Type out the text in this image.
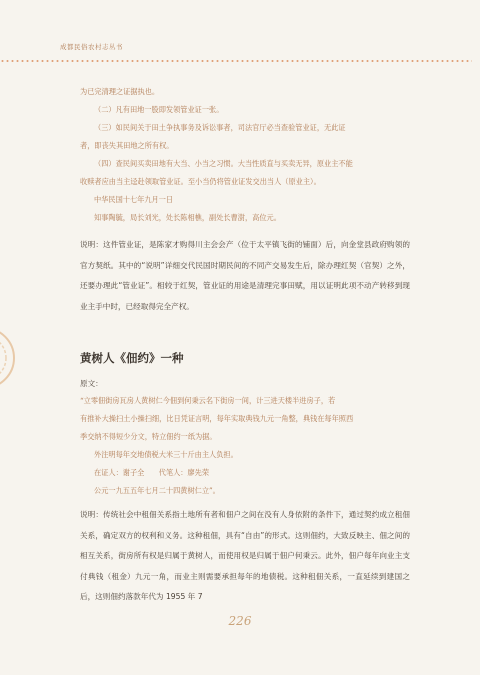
成都民俗农村志丛书
为已完清理之证据执也。
（二）凡有田地一股即发领管业证一张。
（三）如民间关于田土争执事务及诉讼事者，司法官厅必当查验管业证，无此证
者，即丧失其田地之所有权。
（四）查民间买卖田地有大当、小当之习惯。大当性质直与买卖无异，原业主不能
收赎者应由当主迳赴领取管业证。至小当仍将管业证发交出当人（原业主）。
中华民国十七年九月一日
知事陶毓，局长刘光，处长陈相樵，副处长曹澍，高位元。
说明：这件管业证，是陈家才购得川主会会产（位于太平镇飞街的铺面）后，向金堂县政府购领的官方契纸。其中的“说明”详细交代民国时期民间的不同产交易发生后，除办理红契（官契）之外，还要办理此“管业证”。相较于红契，管业证的用途是清理完事田赋，用以证明此项不动产转移到现业主手中时，已经取得完全产权。
黄树人《佃约》一种
原文：
“立零佃街房瓦房人黄树仁今佃到何秉云名下街房一间，计三进天楼半进房子，若
有推补大操扫土小操扫细，比日凭证言明，每年实取典钱九元一角整，典钱在每年照西
季交纳不得短少分文，特立佃约一纸为据。
外注明每年交地债税大米三十斤由主人负担。
在证人：谢子全　　代笔人：廖先荣
公元一九五五年七月二十四黄树仁立”。
说明：传统社会中租佃关系指土地所有者和佃户之间在没有人身依附的条件下，通过契约成立租佃关系，确定双方的权利和义务。这种租佃，具有“自由”的形式。这则佃约，大致反映主、佃之间的相互关系，街房所有权是归属于黄树人，而使用权是归属于佃户何秉云。此外，佃户每年向业主支付典钱（租金）九元一角，而业主则需要承担每年的地债税。这种租佃关系，一直延续到建国之后，这则佃约落款年代为 1955 年 7
226
